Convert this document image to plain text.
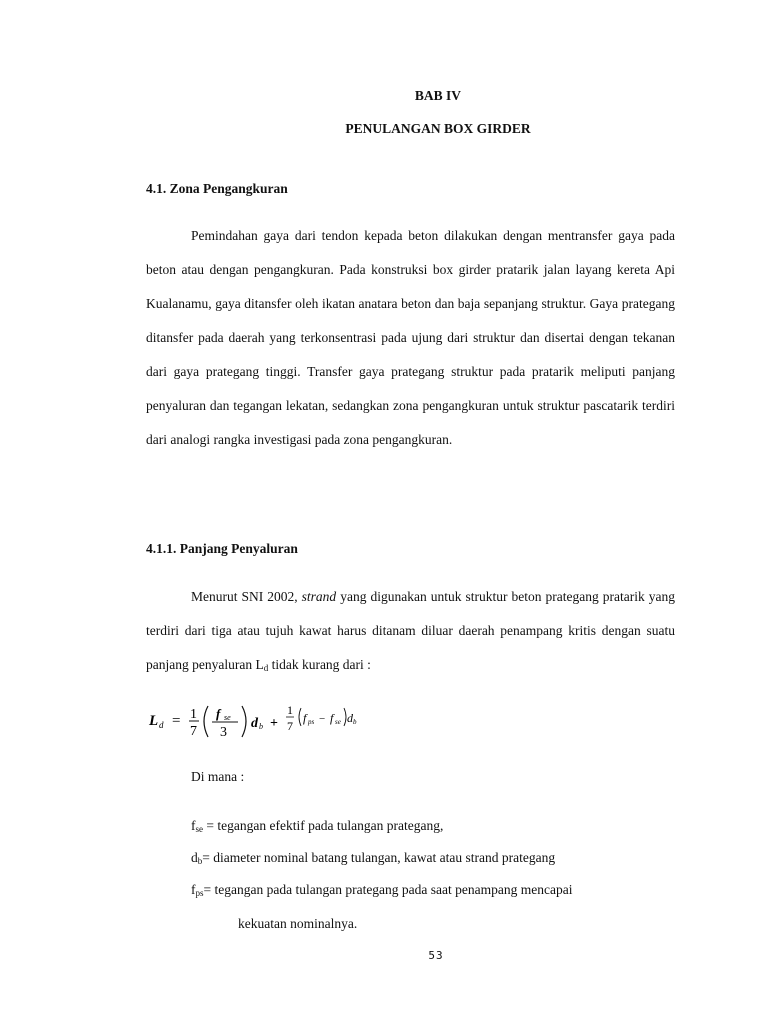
BAB IV
PENULANGAN BOX GIRDER
4.1. Zona Pengangkuran

Pemindahan gaya dari tendon kepada beton dilakukan dengan mentransfer gaya pada beton atau dengan pengangkuran. Pada konstruksi box girder pratarik jalan layang kereta Api Kualanamu, gaya ditansfer oleh ikatan anatara beton dan baja sepanjang struktur. Gaya prategang ditansfer pada daerah yang terkonsentrasi pada ujung dari struktur dan disertai dengan tekanan dari gaya prategang tinggi. Transfer gaya prategang struktur pada pratarik meliputi panjang penyaluran dan tegangan lekatan, sedangkan zona pengangkuran untuk struktur pascatarik terdiri dari analogi rangka investigasi pada zona pengangkuran.

4.1.1. Panjang Penyaluran

Menurut SNI 2002, strand yang digunakan untuk struktur beton prategang pratarik yang terdiri dari tiga atau tujuh kawat harus ditanam diluar daerah penampang kritis dengan suatu panjang penyaluran $L_d$ tidak kurang dari :

L d = 1
7
f se
3
d b +
1
7
f ps − f se d b
Di mana :
$f_{se}$ = tegangan efektif pada tulangan prategang,
$d_b=$ diameter nominal batang tulangan, kawat atau strand prategang
$f_{ps}=$ tegangan pada tulangan prategang pada saat penampang mencapai
kekuatan nominalnya.
53
